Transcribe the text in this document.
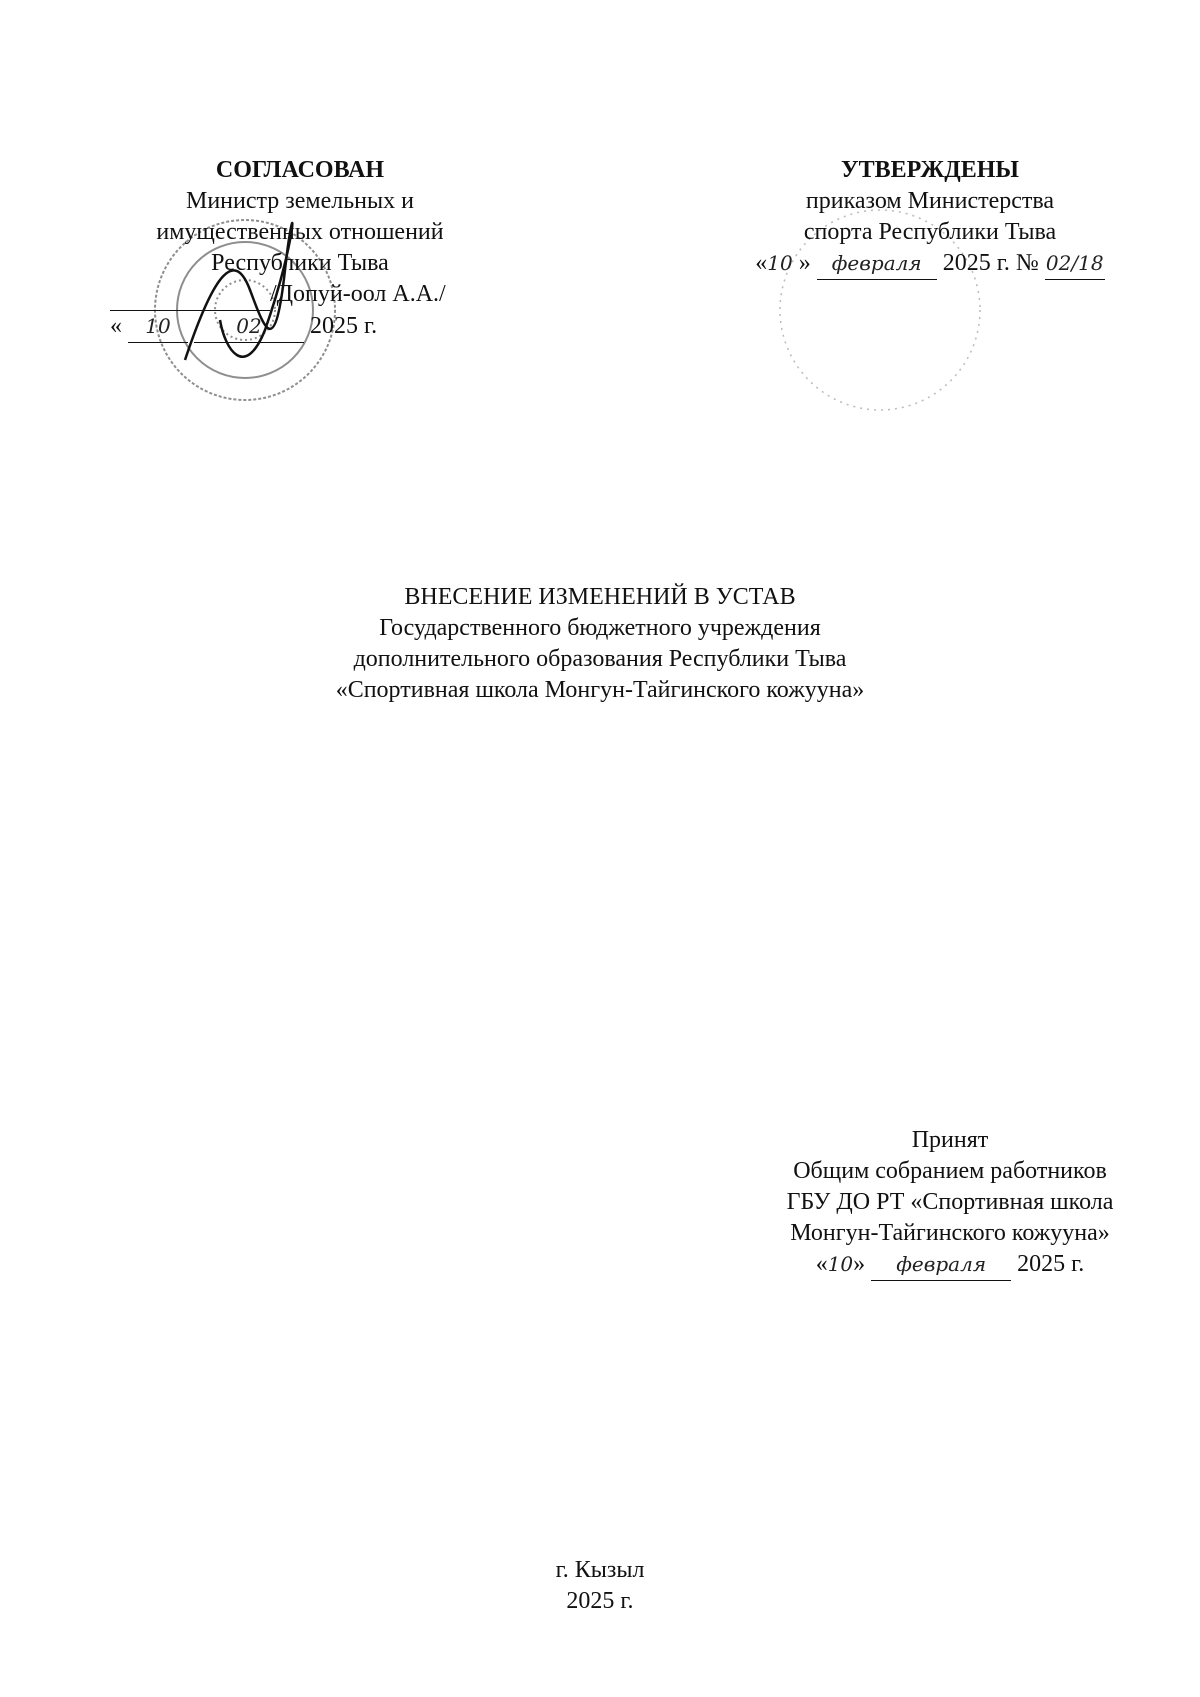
СОГЛАСОВАН
Министр земельных и
имущественных отношений
Республики Тыва
/Допуй-оол А.А./
« 10	02 2025 г.
УТВЕРЖДЕНЫ
приказом Министерства
спорта Республики Тыва
«10 » февраля 2025 г. № 02/18
ВНЕСЕНИЕ ИЗМЕНЕНИЙ В УСТАВ
Государственного бюджетного учреждения
дополнительного образования Республики Тыва
«Спортивная школа Монгун-Тайгинского кожууна»
Принят
Общим собранием работников
ГБУ ДО РТ «Спортивная школа
Монгун-Тайгинского кожууна»
«10» февраля 2025 г.
г. Кызыл
2025 г.
